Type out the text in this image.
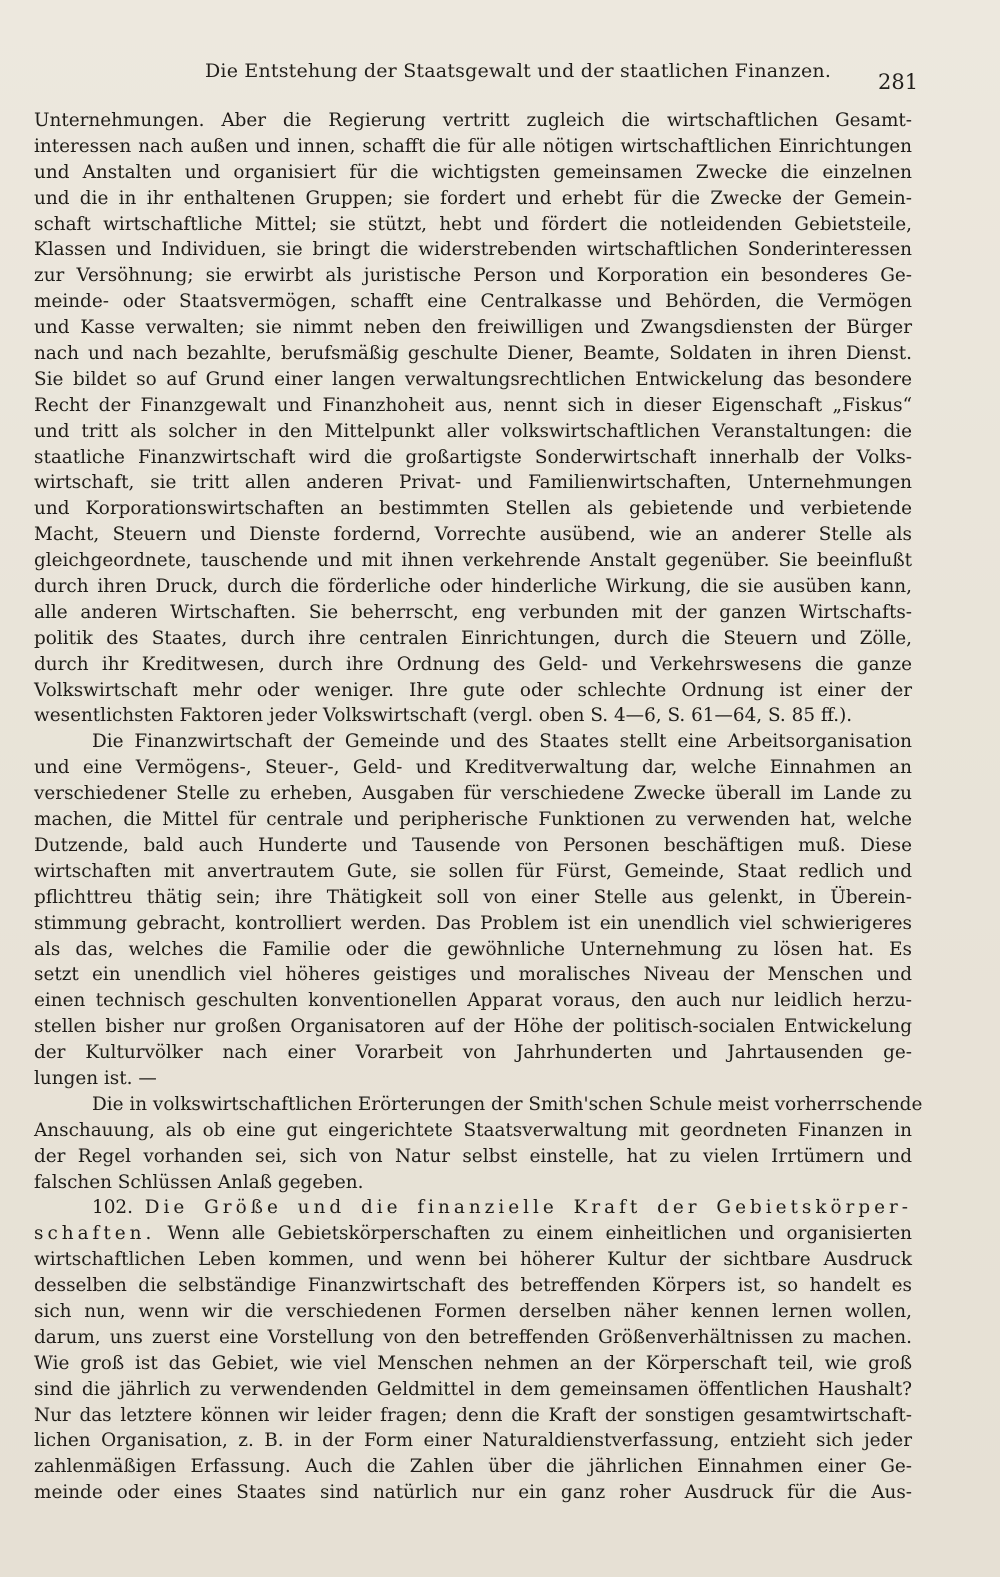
Die Entstehung der Staatsgewalt und der staatlichen Finanzen. 281
Unternehmungen. Aber die Regierung vertritt zugleich die wirtschaftlichen Gesamt-
interessen nach außen und innen, schafft die für alle nötigen wirtschaftlichen Einrichtungen
und Anstalten und organisiert für die wichtigsten gemeinsamen Zwecke die einzelnen
und die in ihr enthaltenen Gruppen; sie fordert und erhebt für die Zwecke der Gemein-
schaft wirtschaftliche Mittel; sie stützt, hebt und fördert die notleidenden Gebietsteile,
Klassen und Individuen, sie bringt die widerstrebenden wirtschaftlichen Sonderinteressen
zur Versöhnung; sie erwirbt als juristische Person und Korporation ein besonderes Ge-
meinde- oder Staatsvermögen, schafft eine Centralkasse und Behörden, die Vermögen
und Kasse verwalten; sie nimmt neben den freiwilligen und Zwangsdiensten der Bürger
nach und nach bezahlte, berufsmäßig geschulte Diener, Beamte, Soldaten in ihren Dienst.
Sie bildet so auf Grund einer langen verwaltungsrechtlichen Entwickelung das besondere
Recht der Finanzgewalt und Finanzhoheit aus, nennt sich in dieser Eigenschaft „Fiskus“
und tritt als solcher in den Mittelpunkt aller volkswirtschaftlichen Veranstaltungen: die
staatliche Finanzwirtschaft wird die großartigste Sonderwirtschaft innerhalb der Volks-
wirtschaft, sie tritt allen anderen Privat- und Familienwirtschaften, Unternehmungen
und Korporationswirtschaften an bestimmten Stellen als gebietende und verbietende
Macht, Steuern und Dienste fordernd, Vorrechte ausübend, wie an anderer Stelle als
gleichgeordnete, tauschende und mit ihnen verkehrende Anstalt gegenüber. Sie beeinflußt
durch ihren Druck, durch die förderliche oder hinderliche Wirkung, die sie ausüben kann,
alle anderen Wirtschaften. Sie beherrscht, eng verbunden mit der ganzen Wirtschafts-
politik des Staates, durch ihre centralen Einrichtungen, durch die Steuern und Zölle,
durch ihr Kreditwesen, durch ihre Ordnung des Geld- und Verkehrswesens die ganze
Volkswirtschaft mehr oder weniger. Ihre gute oder schlechte Ordnung ist einer der
wesentlichsten Faktoren jeder Volkswirtschaft (vergl. oben S. 4—6, S. 61—64, S. 85 ff.).
Die Finanzwirtschaft der Gemeinde und des Staates stellt eine Arbeitsorganisation
und eine Vermögens-, Steuer-, Geld- und Kreditverwaltung dar, welche Einnahmen an
verschiedener Stelle zu erheben, Ausgaben für verschiedene Zwecke überall im Lande zu
machen, die Mittel für centrale und peripherische Funktionen zu verwenden hat, welche
Dutzende, bald auch Hunderte und Tausende von Personen beschäftigen muß. Diese
wirtschaften mit anvertrautem Gute, sie sollen für Fürst, Gemeinde, Staat redlich und
pflichttreu thätig sein; ihre Thätigkeit soll von einer Stelle aus gelenkt, in Überein-
stimmung gebracht, kontrolliert werden. Das Problem ist ein unendlich viel schwierigeres
als das, welches die Familie oder die gewöhnliche Unternehmung zu lösen hat. Es
setzt ein unendlich viel höheres geistiges und moralisches Niveau der Menschen und
einen technisch geschulten konventionellen Apparat voraus, den auch nur leidlich herzu-
stellen bisher nur großen Organisatoren auf der Höhe der politisch-socialen Entwickelung
der Kulturvölker nach einer Vorarbeit von Jahrhunderten und Jahrtausenden ge-
lungen ist. —
Die in volkswirtschaftlichen Erörterungen der Smith'schen Schule meist vorherrschende
Anschauung, als ob eine gut eingerichtete Staatsverwaltung mit geordneten Finanzen in
der Regel vorhanden sei, sich von Natur selbst einstelle, hat zu vielen Irrtümern und
falschen Schlüssen Anlaß gegeben.
102. Die Größe und die finanzielle Kraft der Gebietskörper-
schaften. Wenn alle Gebietskörperschaften zu einem einheitlichen und organisierten
wirtschaftlichen Leben kommen, und wenn bei höherer Kultur der sichtbare Ausdruck
desselben die selbständige Finanzwirtschaft des betreffenden Körpers ist, so handelt es
sich nun, wenn wir die verschiedenen Formen derselben näher kennen lernen wollen,
darum, uns zuerst eine Vorstellung von den betreffenden Größenverhältnissen zu machen.
Wie groß ist das Gebiet, wie viel Menschen nehmen an der Körperschaft teil, wie groß
sind die jährlich zu verwendenden Geldmittel in dem gemeinsamen öffentlichen Haushalt?
Nur das letztere können wir leider fragen; denn die Kraft der sonstigen gesamtwirtschaft-
lichen Organisation, z. B. in der Form einer Naturaldienstverfassung, entzieht sich jeder
zahlenmäßigen Erfassung. Auch die Zahlen über die jährlichen Einnahmen einer Ge-
meinde oder eines Staates sind natürlich nur ein ganz roher Ausdruck für die Aus-
